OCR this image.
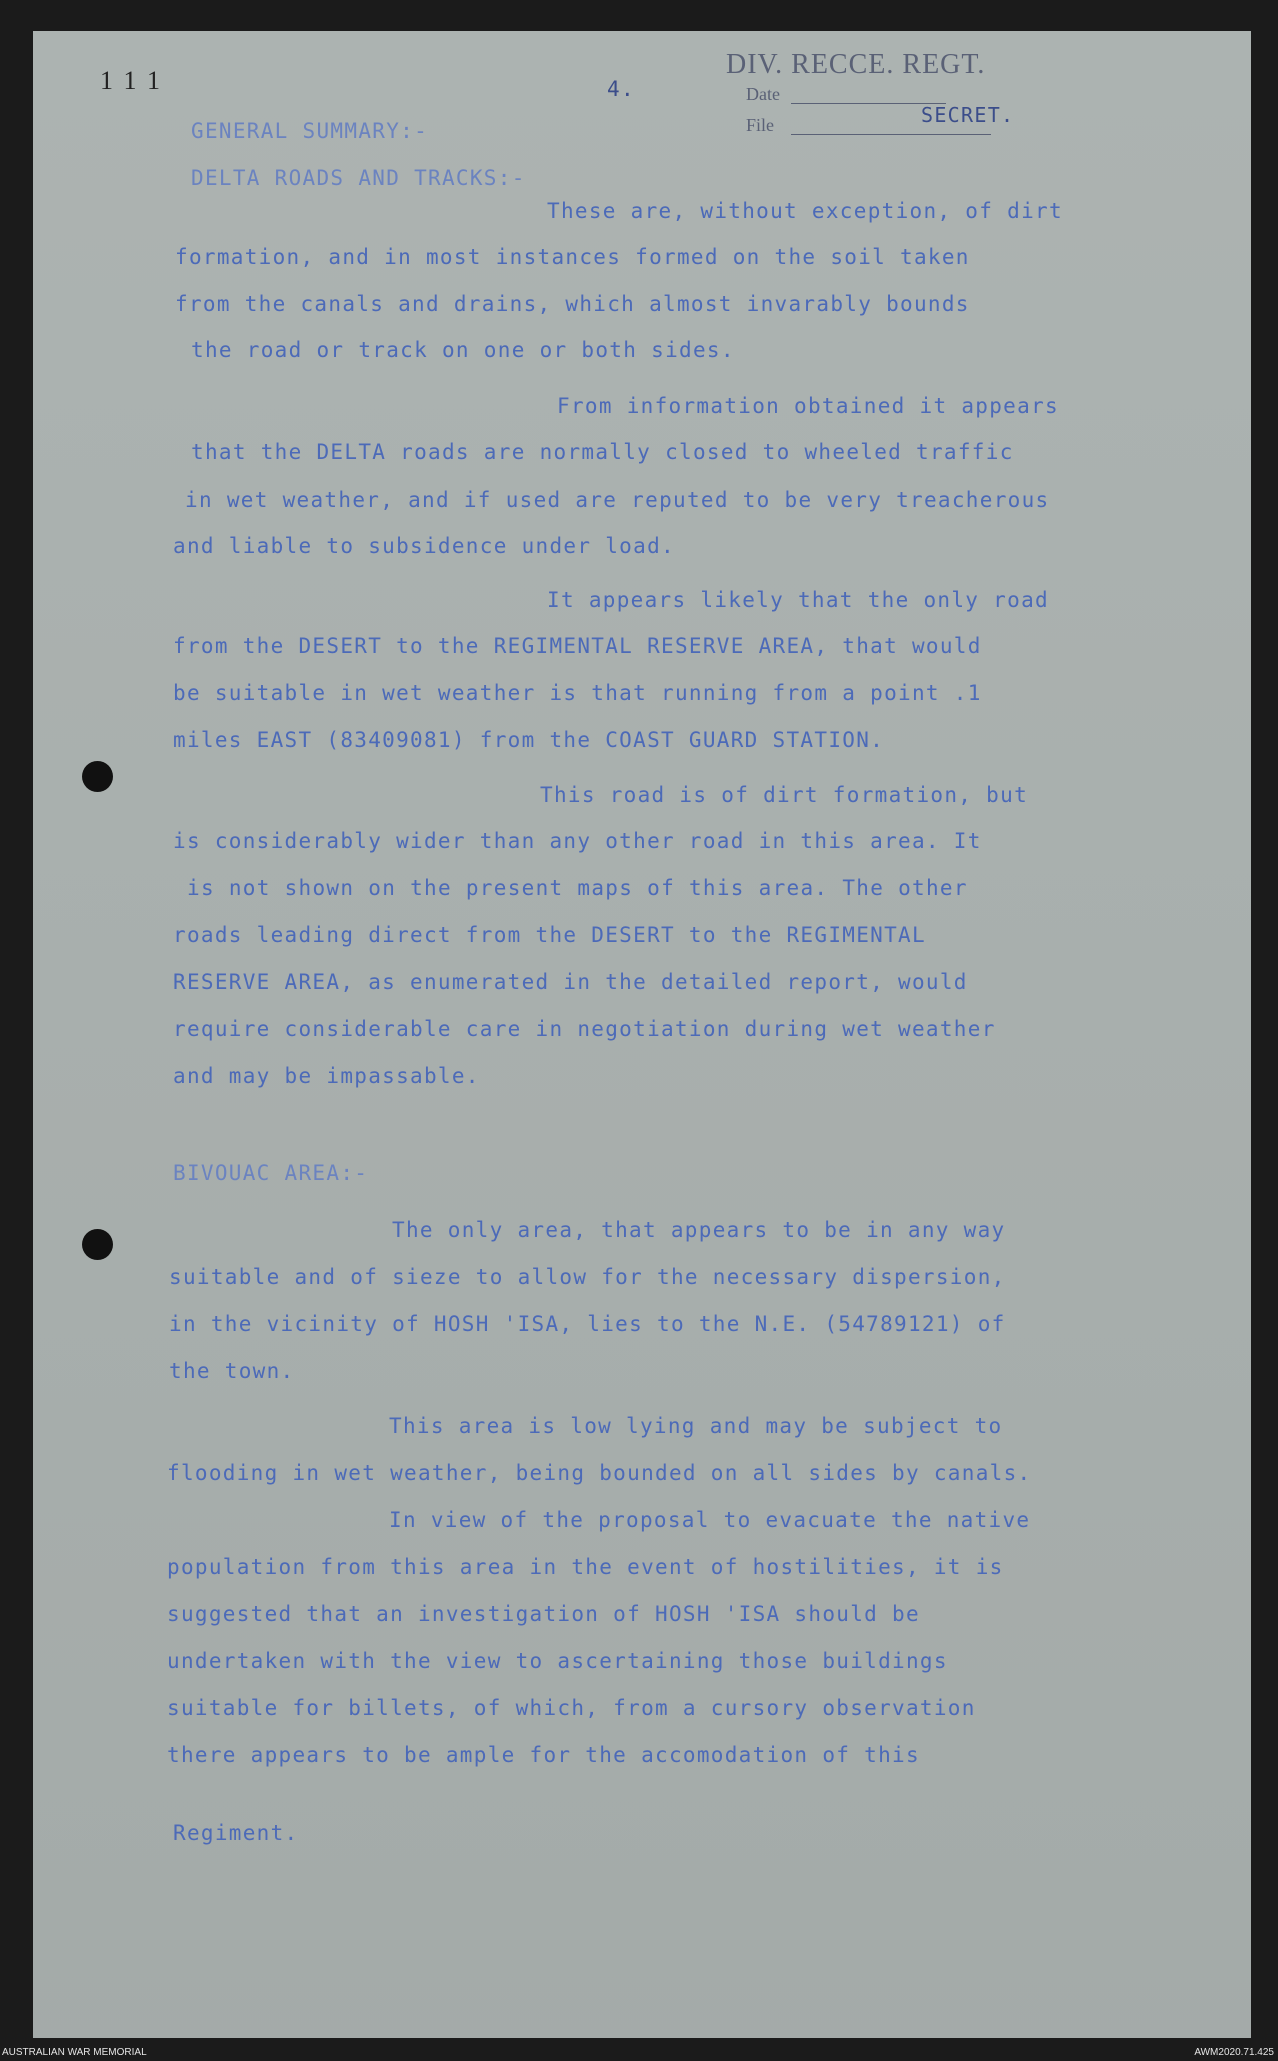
1 1 1	4.
DIV. RECCE. REGT.
Date
File	SECRET.
GENERAL SUMMARY:-
DELTA ROADS AND TRACKS:-
These are, without exception, of dirt
formation, and in most instances formed on the soil taken
from the canals and drains, which almost invarably bounds
the road or track on one or both sides.
From information obtained it appears
that the DELTA roads are normally closed to wheeled traffic
in wet weather, and if used are reputed to be very treacherous
and liable to subsidence under load.
It appears likely that the only road
from the DESERT to the REGIMENTAL RESERVE AREA, that would
be suitable in wet weather is that running from a point .1
miles EAST (83409081) from the COAST GUARD STATION.
This road is of dirt formation, but
is considerably wider than any other road in this area. It
is not shown on the present maps of this area. The other
roads leading direct from the DESERT to the REGIMENTAL
RESERVE AREA, as enumerated in the detailed report, would
require considerable care in negotiation during wet weather
and may be impassable.
BIVOUAC AREA:-
The only area, that appears to be in any way
suitable and of sieze to allow for the necessary dispersion,
in the vicinity of HOSH 'ISA, lies to the N.E. (54789121) of
the town.
This area is low lying and may be subject to
flooding in wet weather, being bounded on all sides by canals.
In view of the proposal to evacuate the native
population from this area in the event of hostilities, it is
suggested that an investigation of HOSH 'ISA should be
undertaken with the view to ascertaining those buildings
suitable for billets, of which, from a cursory observation
there appears to be ample for the accomodation of this
Regiment.
AUSTRALIAN WAR MEMORIAL	AWM2020.71.425
